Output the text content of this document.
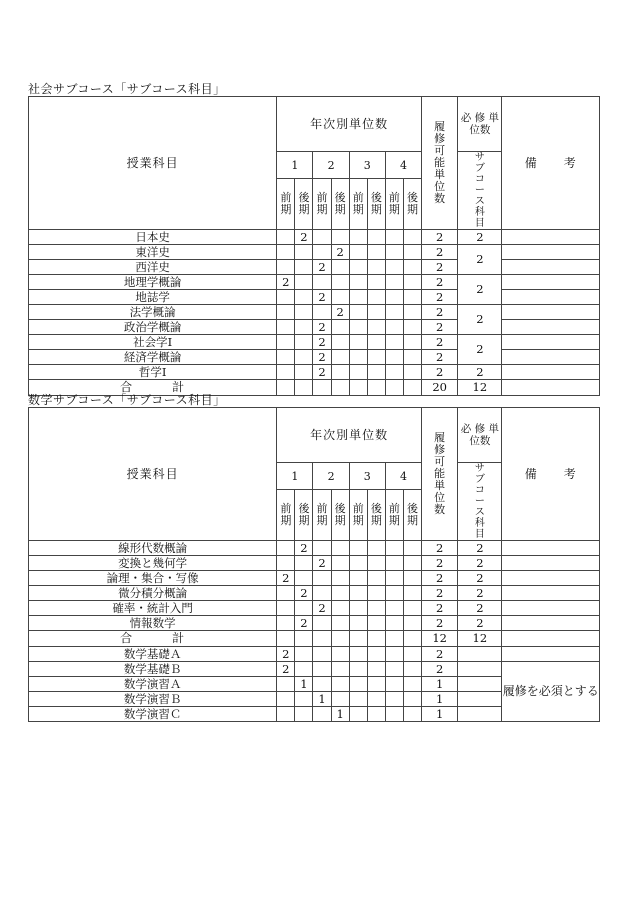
社会サブコース「サブコース科目」
授業科目	年次別単位数								履修可能単位数	必 修 単位数	備　　考
	1		2		3		4			サブコース科目	
	前期	後期	前期	後期	前期	後期	前期	後期			
日本史		2							2	2	
東洋史				2					2	2	
西洋史			2						2		
地理学概論	2								2	2	
地誌学			2						2		
法学概論				2					2	2	
政治学概論			2						2		
社会学Ⅰ			2						2	2	
経済学概論			2						2		
哲学Ⅰ			2						2	2	
合　　　計									20	12	
数学サブコース「サブコース科目」
授業科目	年次別単位数								履修可能単位数	必 修 単位数	備　　考
	1		2		3		4			サブコース科目	
	前期	後期	前期	後期	前期	後期	前期	後期			
線形代数概論		2							2	2	
変換と幾何学			2						2	2	
論理・集合・写像	2								2	2	
微分積分概論		2							2	2	
確率・統計入門			2						2	2	
情報数学		2							2	2	
合　　　計									12	12	
数学基礎Ａ	2								2		
数学基礎Ｂ	2								2		履修を必須とする
数学演習Ａ		1							1		
数学演習Ｂ			1						1		
数学演習Ｃ				1					1		
